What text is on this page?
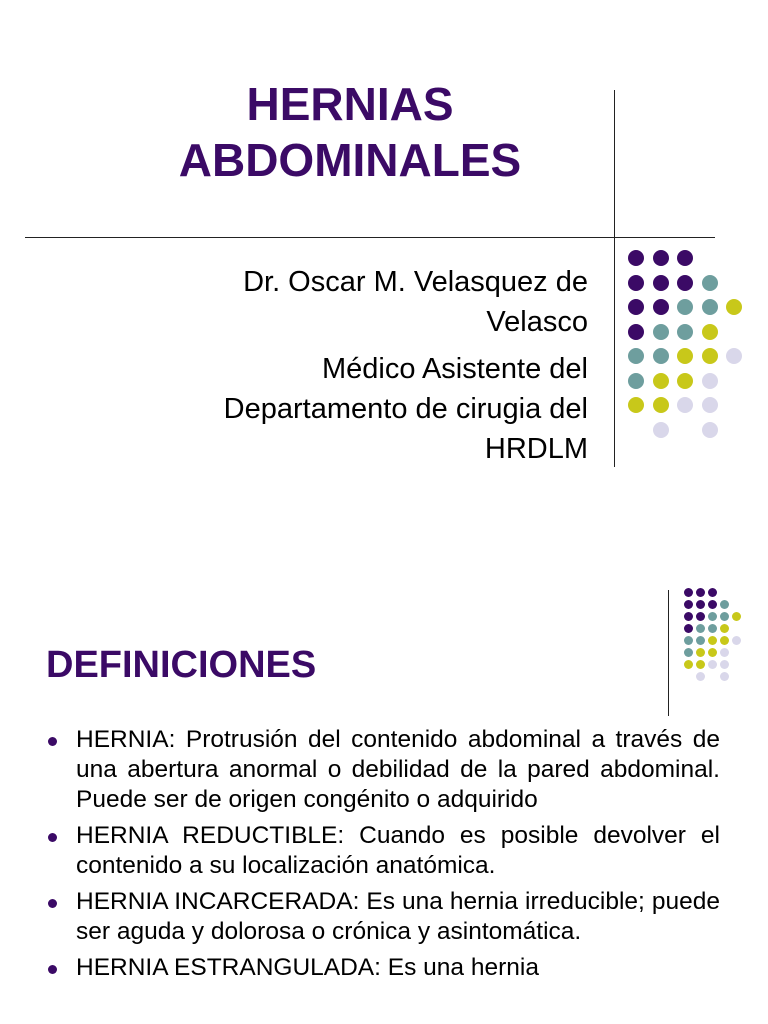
HERNIAS
ABDOMINALES

Dr. Oscar M. Velasquez de
Velasco

Médico Asistente del
Departamento de cirugia del
HRDLM

DEFINICIONES
HERNIA: Protrusión del contenido abdominal a través de una abertura anormal o debilidad de la pared abdominal. Puede ser de origen congénito o adquirido
HERNIA REDUCTIBLE: Cuando es posible devolver el contenido a su localización anatómica.
HERNIA INCARCERADA: Es una hernia irreducible; puede ser aguda y dolorosa o crónica y asintomática.
HERNIA ESTRANGULADA: Es una hernia
